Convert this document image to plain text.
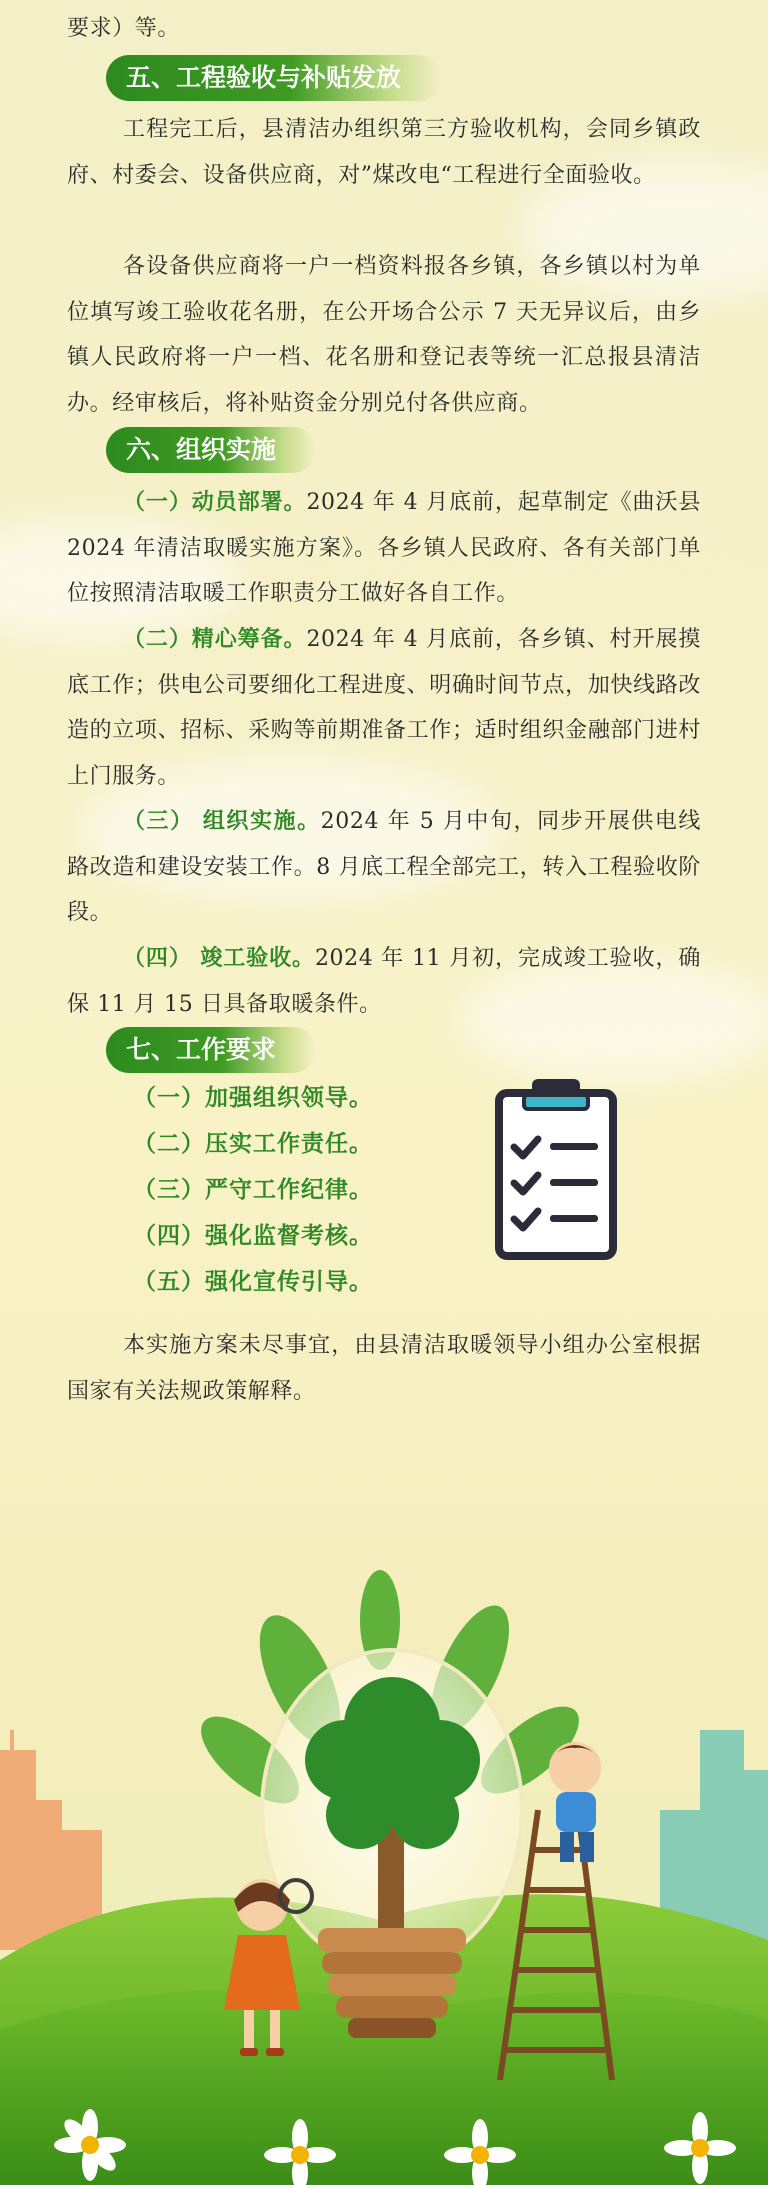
要求）等。

五、工程验收与补贴发放

工程完工后，县清洁办组织第三方验收机构，会同乡镇政府、村委会、设备供应商，对”煤改电“工程进行全面验收。

各设备供应商将一户一档资料报各乡镇，各乡镇以村为单位填写竣工验收花名册，在公开场合公示 7 天无异议后，由乡镇人民政府将一户一档、花名册和登记表等统一汇总报县清洁办。经审核后，将补贴资金分别兑付各供应商。

六、组织实施

（一）动员部署。2024 年 4 月底前，起草制定《曲沃县 2024 年清洁取暖实施方案》。各乡镇人民政府、各有关部门单位按照清洁取暖工作职责分工做好各自工作。

（二）精心筹备。2024 年 4 月底前，各乡镇、村开展摸底工作；供电公司要细化工程进度、明确时间节点，加快线路改造的立项、招标、采购等前期准备工作；适时组织金融部门进村上门服务。

（三） 组织实施。2024 年 5 月中旬，同步开展供电线路改造和建设安装工作。8 月底工程全部完工，转入工程验收阶段。

（四） 竣工验收。2024 年 11 月初，完成竣工验收，确保 11 月 15 日具备取暖条件。

七、工作要求
（一）加强组织领导。
（二）压实工作责任。
（三）严守工作纪律。
（四）强化监督考核。
（五）强化宣传引导。

本实施方案未尽事宜，由县清洁取暖领导小组办公室根据国家有关法规政策解释。
